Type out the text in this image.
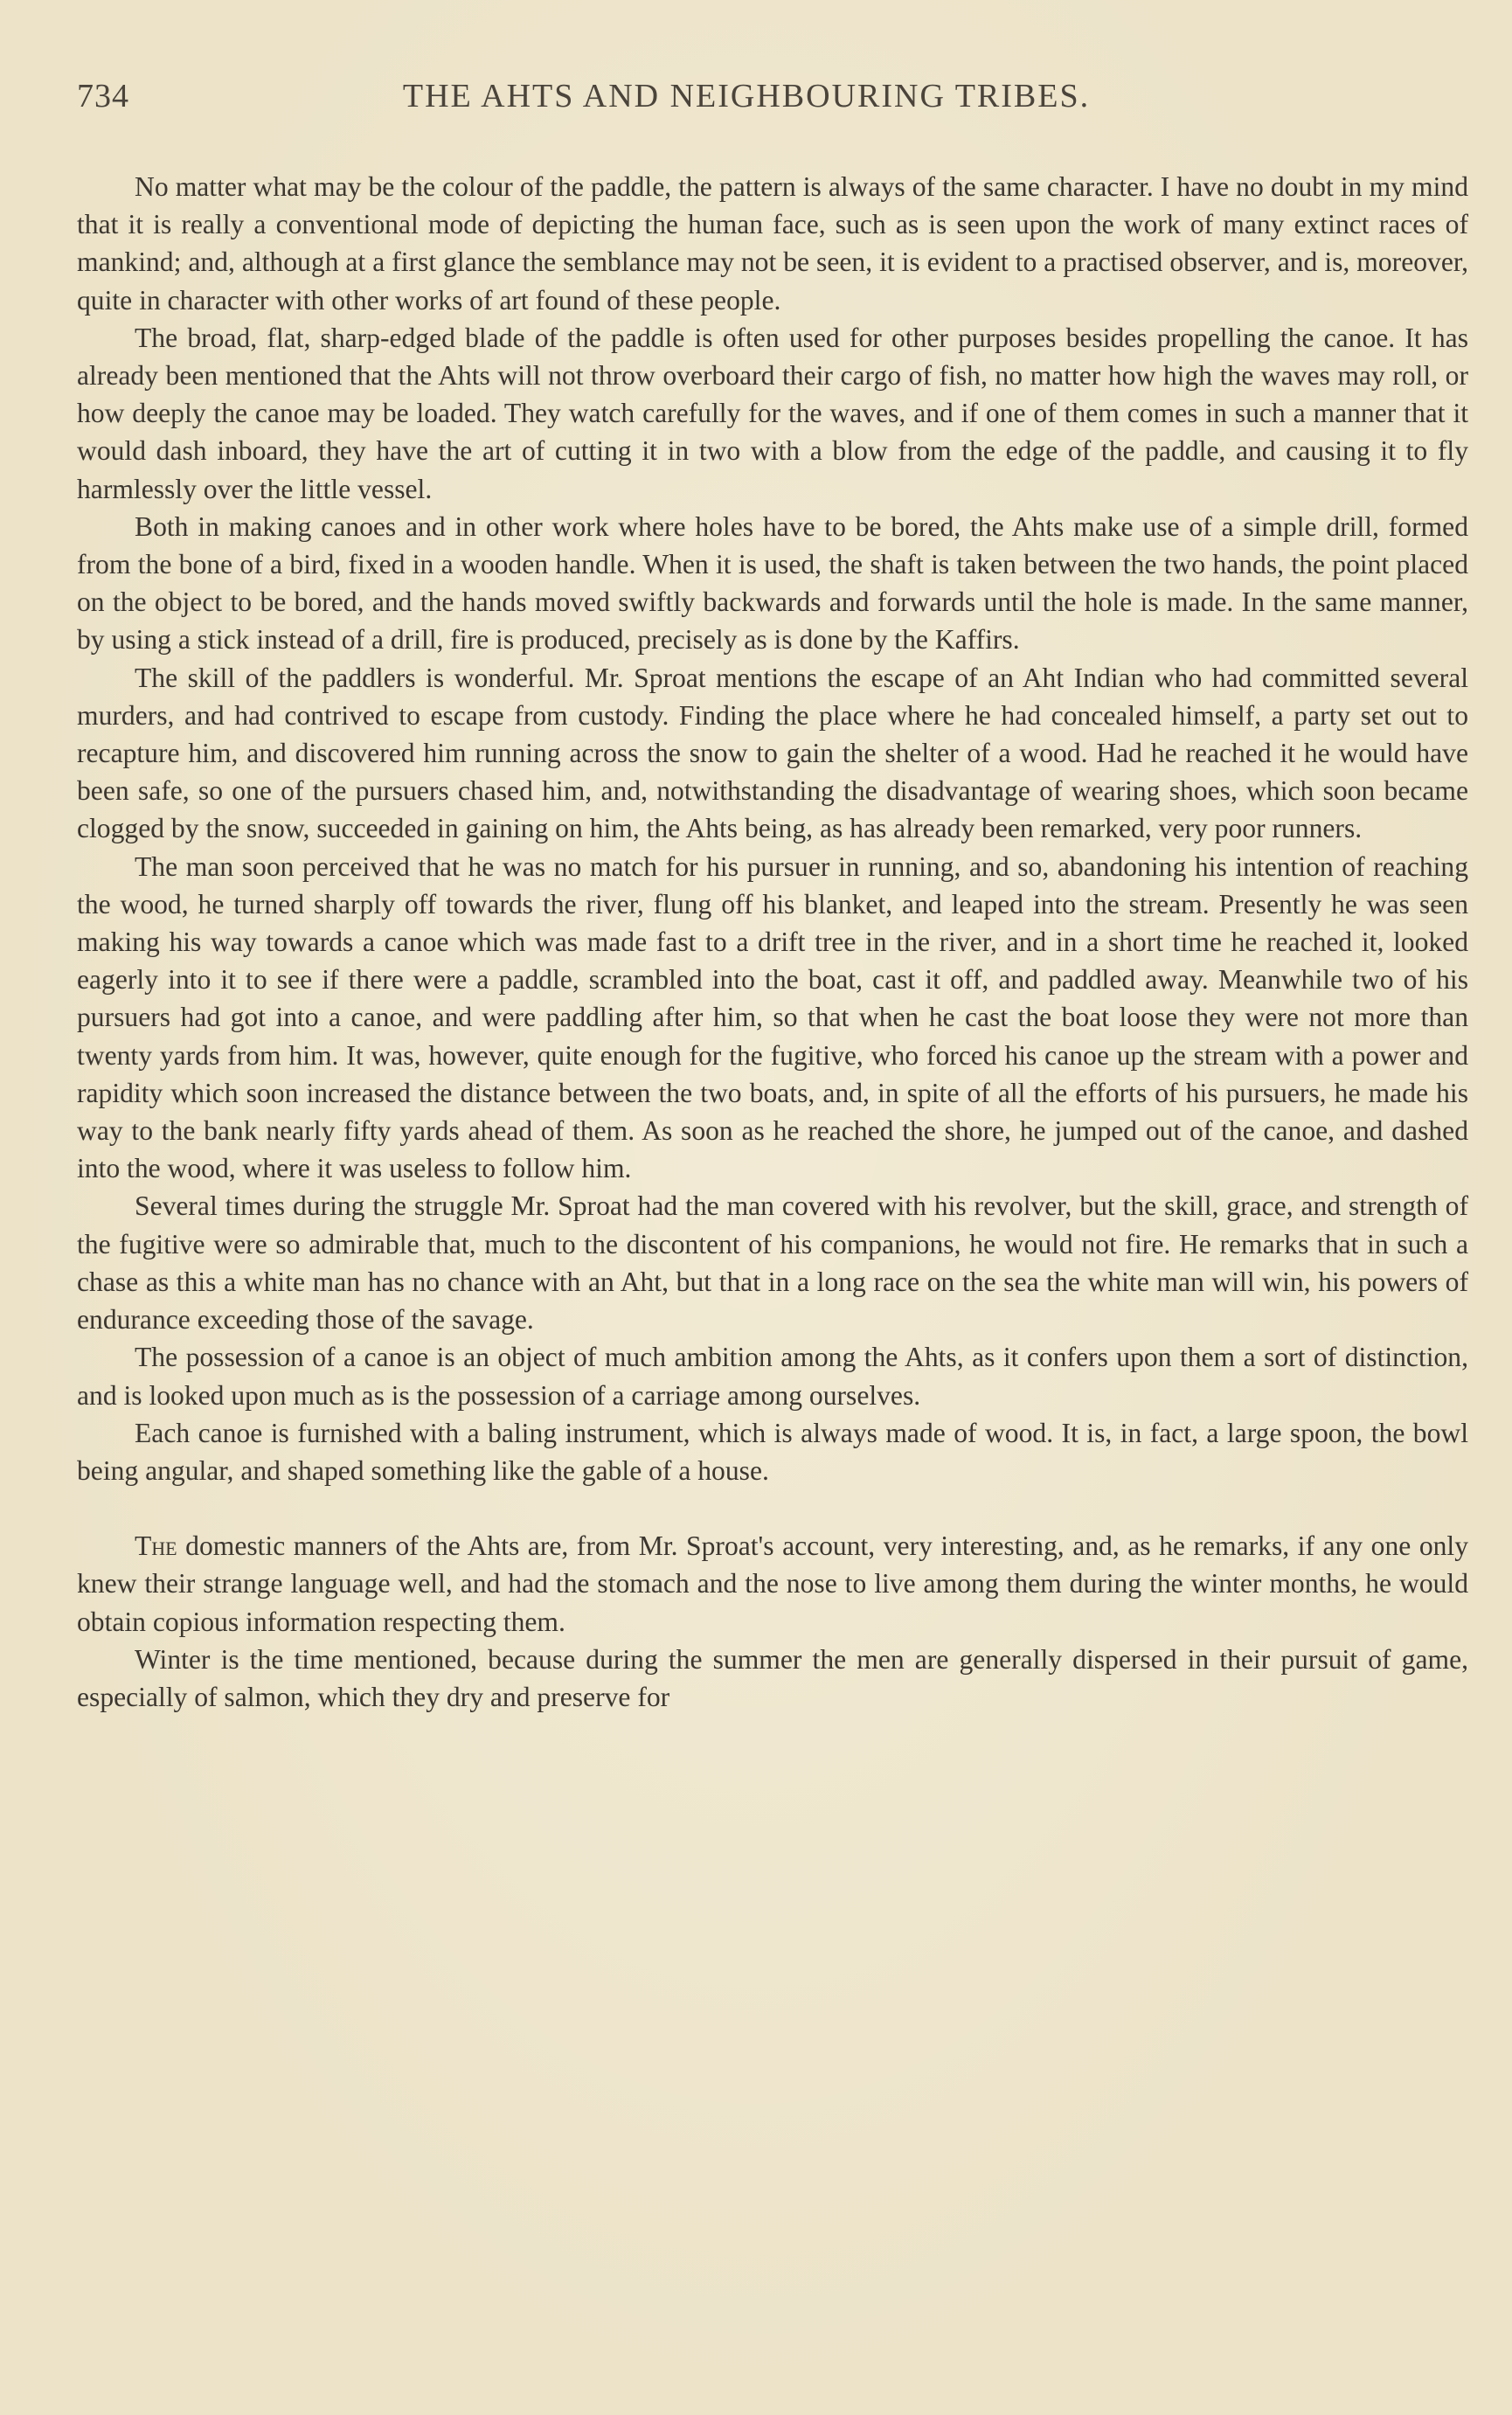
734	THE AHTS AND NEIGHBOURING TRIBES.

No matter what may be the colour of the paddle, the pattern is always of the same character. I have no doubt in my mind that it is really a conventional mode of depicting the human face, such as is seen upon the work of many extinct races of mankind; and, although at a first glance the semblance may not be seen, it is evident to a practised observer, and is, moreover, quite in character with other works of art found of these people.

The broad, flat, sharp-edged blade of the paddle is often used for other purposes besides propelling the canoe. It has already been mentioned that the Ahts will not throw overboard their cargo of fish, no matter how high the waves may roll, or how deeply the canoe may be loaded. They watch carefully for the waves, and if one of them comes in such a manner that it would dash inboard, they have the art of cutting it in two with a blow from the edge of the paddle, and causing it to fly harmlessly over the little vessel.

Both in making canoes and in other work where holes have to be bored, the Ahts make use of a simple drill, formed from the bone of a bird, fixed in a wooden handle. When it is used, the shaft is taken between the two hands, the point placed on the object to be bored, and the hands moved swiftly backwards and forwards until the hole is made. In the same manner, by using a stick instead of a drill, fire is produced, precisely as is done by the Kaffirs.

The skill of the paddlers is wonderful. Mr. Sproat mentions the escape of an Aht Indian who had committed several murders, and had contrived to escape from custody. Finding the place where he had concealed himself, a party set out to recapture him, and discovered him running across the snow to gain the shelter of a wood. Had he reached it he would have been safe, so one of the pursuers chased him, and, notwithstanding the disadvantage of wearing shoes, which soon became clogged by the snow, succeeded in gaining on him, the Ahts being, as has already been remarked, very poor runners.

The man soon perceived that he was no match for his pursuer in running, and so, abandoning his intention of reaching the wood, he turned sharply off towards the river, flung off his blanket, and leaped into the stream. Presently he was seen making his way towards a canoe which was made fast to a drift tree in the river, and in a short time he reached it, looked eagerly into it to see if there were a paddle, scrambled into the boat, cast it off, and paddled away. Meanwhile two of his pursuers had got into a canoe, and were paddling after him, so that when he cast the boat loose they were not more than twenty yards from him. It was, however, quite enough for the fugitive, who forced his canoe up the stream with a power and rapidity which soon increased the distance between the two boats, and, in spite of all the efforts of his pursuers, he made his way to the bank nearly fifty yards ahead of them. As soon as he reached the shore, he jumped out of the canoe, and dashed into the wood, where it was useless to follow him.

Several times during the struggle Mr. Sproat had the man covered with his revolver, but the skill, grace, and strength of the fugitive were so admirable that, much to the discontent of his companions, he would not fire. He remarks that in such a chase as this a white man has no chance with an Aht, but that in a long race on the sea the white man will win, his powers of endurance exceeding those of the savage.

The possession of a canoe is an object of much ambition among the Ahts, as it confers upon them a sort of distinction, and is looked upon much as is the possession of a carriage among ourselves.

Each canoe is furnished with a baling instrument, which is always made of wood. It is, in fact, a large spoon, the bowl being angular, and shaped something like the gable of a house.

The domestic manners of the Ahts are, from Mr. Sproat's account, very interesting, and, as he remarks, if any one only knew their strange language well, and had the stomach and the nose to live among them during the winter months, he would obtain copious information respecting them.

Winter is the time mentioned, because during the summer the men are generally dispersed in their pursuit of game, especially of salmon, which they dry and preserve for
